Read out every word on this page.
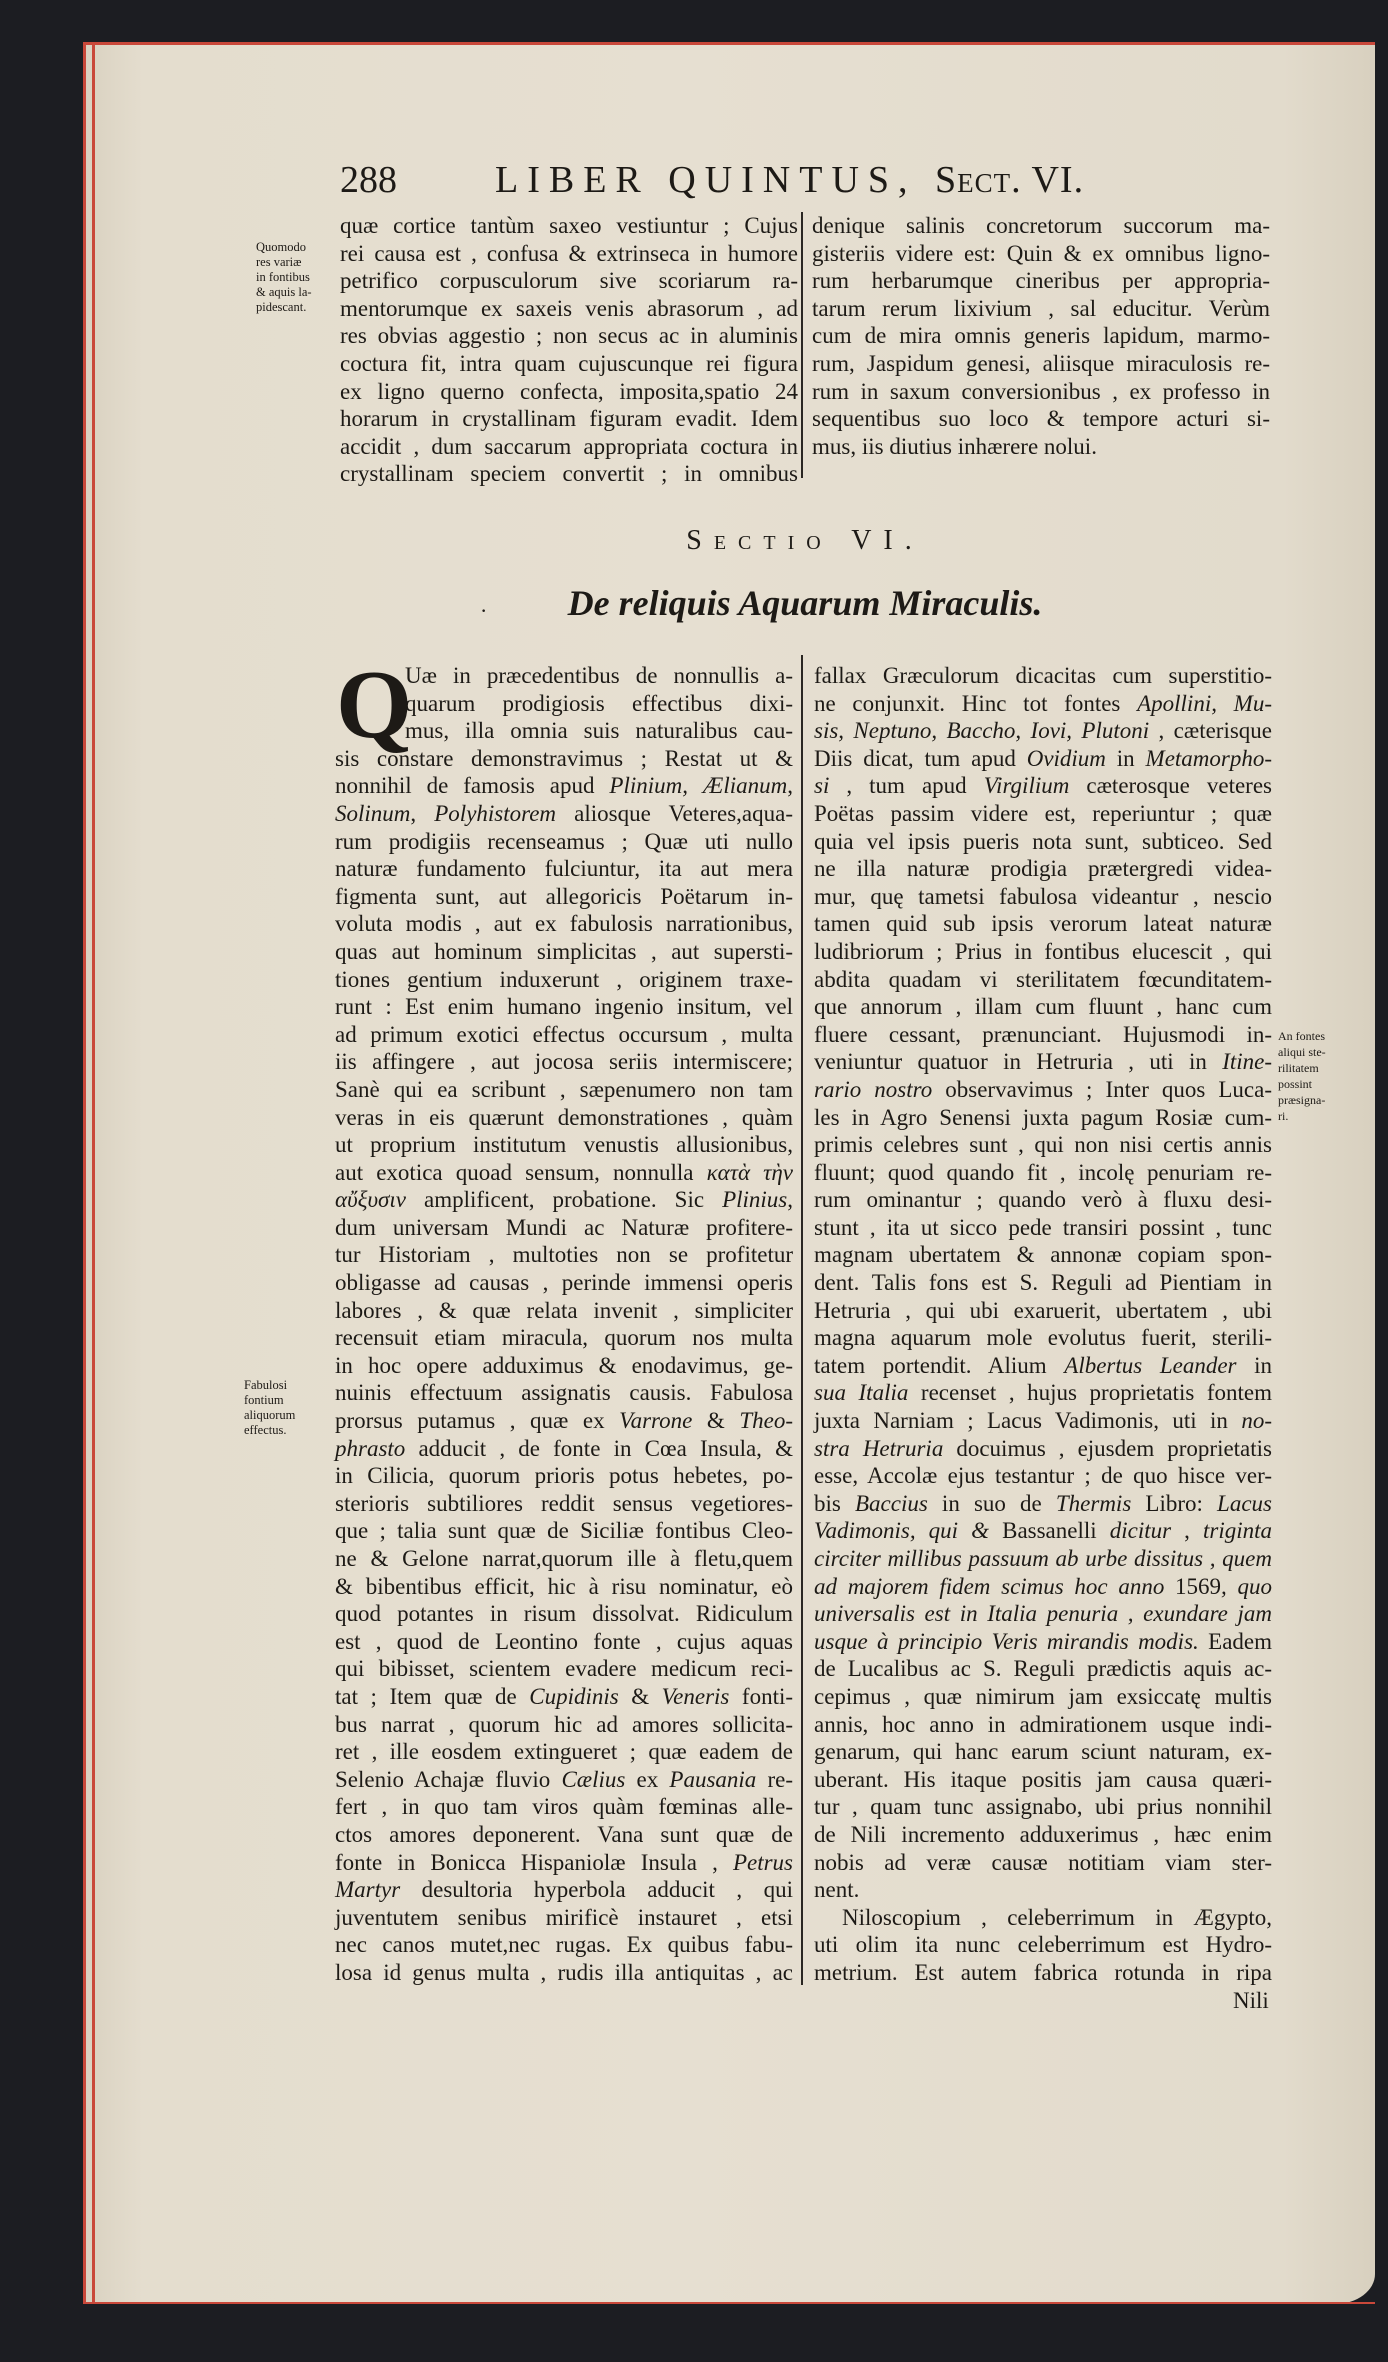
288	LIBER QUINTUS, Sect. VI.
Quomodo
res variæ
in fontibus
& aquis la-
pidescant.
quæ cortice tantùm saxeo vestiuntur ; Cujus
rei causa est , confusa & extrinseca in humore
petrifico corpusculorum sive scoriarum ra-
mentorumque ex saxeis venis abrasorum , ad
res obvias aggestio ; non secus ac in aluminis
coctura fit, intra quam cujuscunque rei figura
ex ligno querno confecta, imposita,spatio 24
horarum in crystallinam figuram evadit. Idem
accidit , dum saccarum appropriata coctura in
crystallinam speciem convertit ; in omnibus
denique salinis concretorum succorum ma-
gisteriis videre est: Quin & ex omnibus ligno-
rum herbarumque cineribus per appropria-
tarum rerum lixivium , sal educitur. Verùm
cum de mira omnis generis lapidum, marmo-
rum, Jaspidum genesi, aliisque miraculosis re-
rum in saxum conversionibus , ex professo in
sequentibus suo loco & tempore acturi si-
mus, iis diutius inhærere nolui.
Sectio VI.
·	De reliquis Aquarum Miraculis.
Q
Uæ in præcedentibus de nonnullis a-
quarum prodigiosis effectibus dixi-
mus, illa omnia suis naturalibus cau-
sis constare demonstravimus ; Restat ut &
nonnihil de famosis apud Plinium, Ælianum,
Solinum, Polyhistorem aliosque Veteres,aqua-
rum prodigiis recenseamus ; Quæ uti nullo
naturæ fundamento fulciuntur, ita aut mera
figmenta sunt, aut allegoricis Poëtarum in-
voluta modis , aut ex fabulosis narrationibus,
quas aut hominum simplicitas , aut supersti-
tiones gentium induxerunt , originem traxe-
runt : Est enim humano ingenio insitum, vel
ad primum exotici effectus occursum , multa
iis affingere , aut jocosa seriis intermiscere;
Sanè qui ea scribunt , sæpenumero non tam
veras in eis quærunt demonstrationes , quàm
ut proprium institutum venustis allusionibus,
aut exotica quoad sensum, nonnulla κατὰ τὴν
αὔξυσιν amplificent, probatione. Sic Plinius,
dum universam Mundi ac Naturæ profitere-
tur Historiam , multoties non se profitetur
obligasse ad causas , perinde immensi operis
labores , & quæ relata invenit , simpliciter
recensuit etiam miracula, quorum nos multa
in hoc opere adduximus & enodavimus, ge-
nuinis effectuum assignatis causis. Fabulosa
prorsus putamus , quæ ex Varrone & Theo-
phrasto adducit , de fonte in Cœa Insula, &
in Cilicia, quorum prioris potus hebetes, po-
sterioris subtiliores reddit sensus vegetiores-
que ; talia sunt quæ de Siciliæ fontibus Cleo-
ne & Gelone narrat,quorum ille à fletu,quem
& bibentibus efficit, hic à risu nominatur, eò
quod potantes in risum dissolvat. Ridiculum
est , quod de Leontino fonte , cujus aquas
qui bibisset, scientem evadere medicum reci-
tat ; Item quæ de Cupidinis & Veneris fonti-
bus narrat , quorum hic ad amores sollicita-
ret , ille eosdem extingueret ; quæ eadem de
Selenio Achajæ fluvio Cælius ex Pausania re-
fert , in quo tam viros quàm fœminas alle-
ctos amores deponerent. Vana sunt quæ de
fonte in Bonicca Hispaniolæ Insula , Petrus
Martyr desultoria hyperbola adducit , qui
juventutem senibus mirificè instauret , etsi
nec canos mutet,nec rugas. Ex quibus fabu-
losa id genus multa , rudis illa antiquitas , ac
fallax Græculorum dicacitas cum superstitio-
ne conjunxit. Hinc tot fontes Apollini, Mu-
sis, Neptuno, Baccho, Iovi, Plutoni , cæterisque
Diis dicat, tum apud Ovidium in Metamorpho-
si , tum apud Virgilium cæterosque veteres
Poëtas passim videre est, reperiuntur ; quæ
quia vel ipsis pueris nota sunt, subticeo. Sed
ne illa naturæ prodigia prætergredi videa-
mur, quę tametsi fabulosa videantur , nescio
tamen quid sub ipsis verorum lateat naturæ
ludibriorum ; Prius in fontibus elucescit , qui
abdita quadam vi sterilitatem fœcunditatem-
que annorum , illam cum fluunt , hanc cum
fluere cessant, prænunciant. Hujusmodi in-
veniuntur quatuor in Hetruria , uti in Itine-
rario nostro observavimus ; Inter quos Luca-
les in Agro Senensi juxta pagum Rosiæ cum-
primis celebres sunt , qui non nisi certis annis
fluunt; quod quando fit , incolę penuriam re-
rum ominantur ; quando verò à fluxu desi-
stunt , ita ut sicco pede transiri possint , tunc
magnam ubertatem & annonæ copiam spon-
dent. Talis fons est S. Reguli ad Pientiam in
Hetruria , qui ubi exaruerit, ubertatem , ubi
magna aquarum mole evolutus fuerit, sterili-
tatem portendit. Alium Albertus Leander in
sua Italia recenset , hujus proprietatis fontem
juxta Narniam ; Lacus Vadimonis, uti in no-
stra Hetruria docuimus , ejusdem proprietatis
esse, Accolæ ejus testantur ; de quo hisce ver-
bis Baccius in suo de Thermis Libro: Lacus
Vadimonis, qui & Bassanelli dicitur , triginta
circiter millibus passuum ab urbe dissitus , quem
ad majorem fidem scimus hoc anno 1569, quo
universalis est in Italia penuria , exundare jam
usque à principio Veris mirandis modis. Eadem
de Lucalibus ac S. Reguli prædictis aquis ac-
cepimus , quæ nimirum jam exsiccatę multis
annis, hoc anno in admirationem usque indi-
genarum, qui hanc earum sciunt naturam, ex-
uberant. His itaque positis jam causa quæri-
tur , quam tunc assignabo, ubi prius nonnihil
de Nili incremento adduxerimus , hæc enim
nobis ad veræ causæ notitiam viam ster-
nent.
Niloscopium , celeberrimum in Ægypto,
uti olim ita nunc celeberrimum est Hydro-
metrium. Est autem fabrica rotunda in ripa
Fabulosi
fontium
aliquorum
effectus.
An fontes
aliqui ste-
rilitatem
possint
præsigna-
ri.
Nili
